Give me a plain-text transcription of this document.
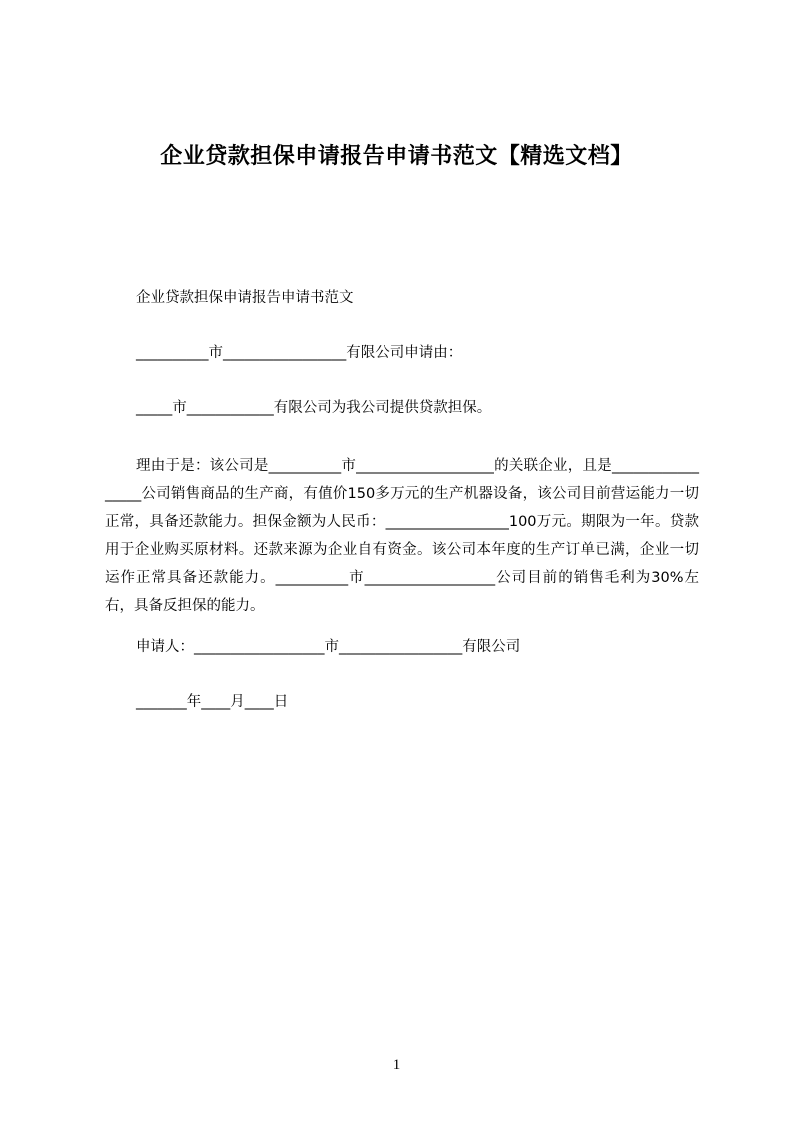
企业贷款担保申请报告申请书范文【精选文档】
企业贷款担保申请报告申请书范文
__________市_________________有限公司申请由：
_____市____________有限公司为我公司提供贷款担保。
理由于是：该公司是__________市___________________的关联企业，且是_________________公司销售商品的生产商，有值价150多万元的生产机器设备，该公司目前营运能力一切正常，具备还款能力。担保金额为人民币：_________________100万元。期限为一年。贷款用于企业购买原材料。还款来源为企业自有资金。该公司本年度的生产订单已满，企业一切运作正常具备还款能力。__________市__________________公司目前的销售毛利为30%左右，具备反担保的能力。
申请人：__________________市_________________有限公司
_______年____月____日
1
